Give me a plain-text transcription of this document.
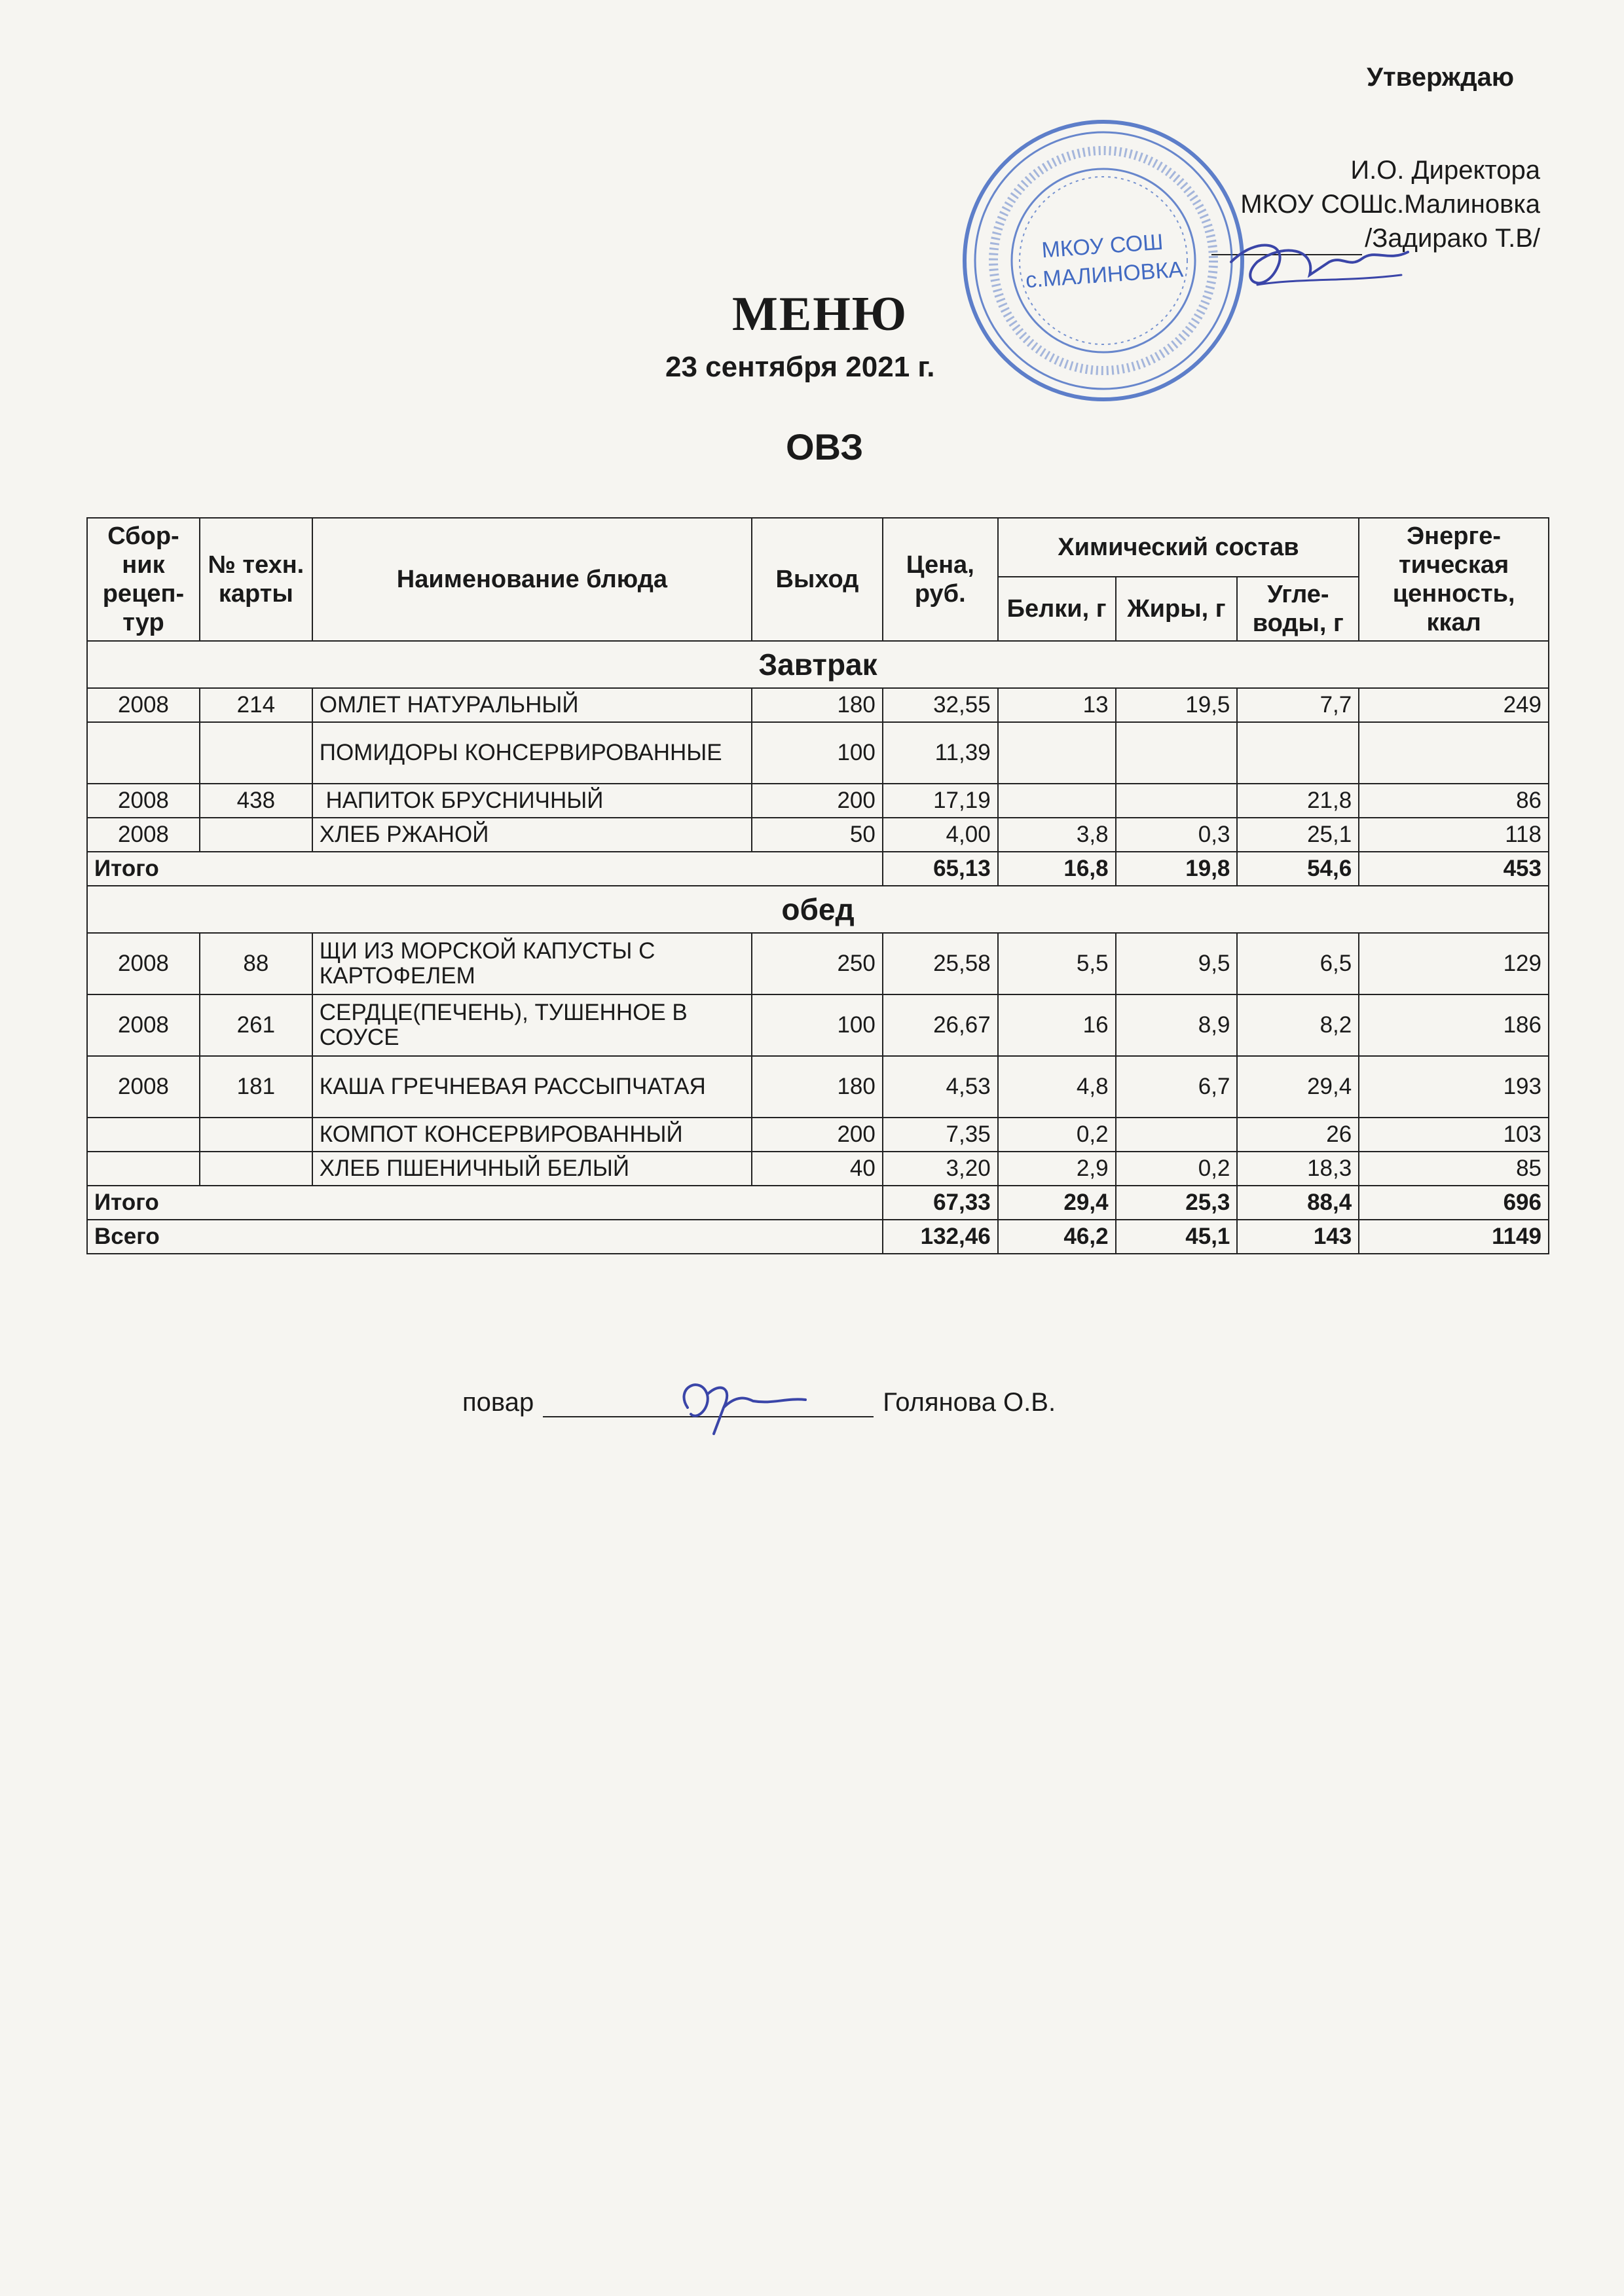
Утверждаю
И.О. Директора
МКОУ СОШс.Малиновка
/Задирако Т.В/
МКОУ СОШ
с.МАЛИНОВКА
МЕНЮ
23 сентября 2021 г.
ОВЗ
Сбор-ник рецеп-тур	№ техн. карты	Наименование блюда	Выход	Цена, руб.	Химический состав			Энерге-тическая ценность, ккал
					Белки, г	Жиры, г	Угле-воды, г	
Завтрак								
2008	214	ОМЛЕТ НАТУРАЛЬНЫЙ	180	32,55	13	19,5	7,7	249
		ПОМИДОРЫ КОНСЕРВИРОВАННЫЕ	100	11,39				
2008	438	НАПИТОК БРУСНИЧНЫЙ	200	17,19			21,8	86
2008		ХЛЕБ РЖАНОЙ	50	4,00	3,8	0,3	25,1	118
Итого				65,13	16,8	19,8	54,6	453
обед								
2008	88	ЩИ ИЗ МОРСКОЙ КАПУСТЫ С КАРТОФЕЛЕМ	250	25,58	5,5	9,5	6,5	129
2008	261	СЕРДЦЕ(ПЕЧЕНЬ), ТУШЕННОЕ В СОУСЕ	100	26,67	16	8,9	8,2	186
2008	181	КАША ГРЕЧНЕВАЯ РАССЫПЧАТАЯ	180	4,53	4,8	6,7	29,4	193
		КОМПОТ КОНСЕРВИРОВАННЫЙ	200	7,35	0,2		26	103
		ХЛЕБ ПШЕНИЧНЫЙ БЕЛЫЙ	40	3,20	2,9	0,2	18,3	85
Итого				67,33	29,4	25,3	88,4	696
Всего				132,46	46,2	45,1	143	1149
повар	Голянова О.В.
